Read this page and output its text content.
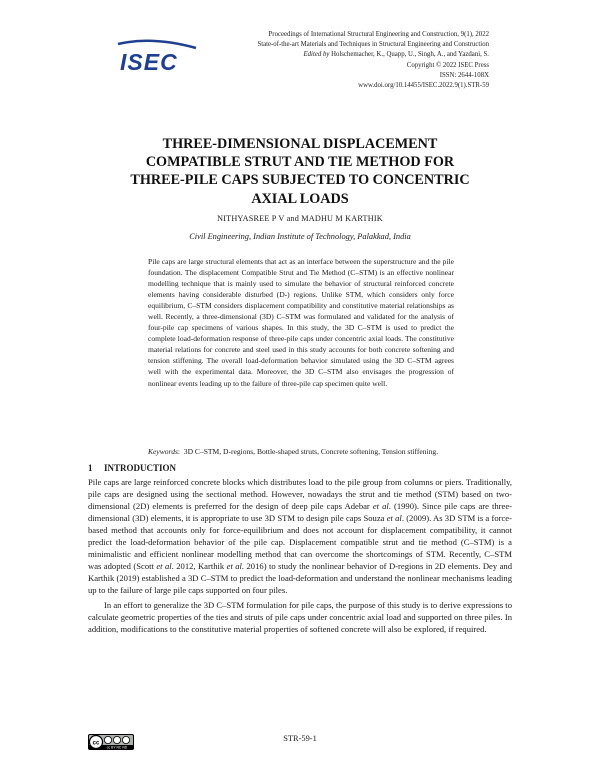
ISEC
Proceedings of International Structural Engineering and Construction, 9(1), 2022
State-of-the-art Materials and Techniques in Structural Engineering and Construction
Edited by Holschemacher, K., Quapp, U., Singh, A., and Yazdani, S.
Copyright © 2022 ISEC Press
ISSN: 2644-108X
www.doi.org/10.14455/ISEC.2022.9(1).STR-59
THREE-DIMENSIONAL DISPLACEMENT
COMPATIBLE STRUT AND TIE METHOD FOR
THREE-PILE CAPS SUBJECTED TO CONCENTRIC
AXIAL LOADS
NITHYASREE P V and MADHU M KARTHIK
Civil Engineering, Indian Institute of Technology, Palakkad, India
Pile caps are large structural elements that act as an interface between the superstructure and the pile foundation. The displacement Compatible Strut and Tie Method (C–STM) is an effective nonlinear modelling technique that is mainly used to simulate the behavior of structural reinforced concrete elements having considerable disturbed (D-) regions. Unlike STM, which considers only force equilibrium, C–STM considers displacement compatibility and constitutive material relationships as well. Recently, a three-dimensional (3D) C–STM was formulated and validated for the analysis of four-pile cap specimens of various shapes. In this study, the 3D C–STM is used to predict the complete load-deformation response of three-pile caps under concentric axial loads. The constitutive material relations for concrete and steel used in this study accounts for both concrete softening and tension stiffening. The overall load-deformation behavior simulated using the 3D C–STM agrees well with the experimental data. Moreover, the 3D C–STM also envisages the progression of nonlinear events leading up to the failure of three-pile cap specimen quite well.
Keywords:  3D C–STM, D-regions, Bottle-shaped struts, Concrete softening, Tension stiffening.
1 INTRODUCTION
Pile caps are large reinforced concrete blocks which distributes load to the pile group from columns or piers. Traditionally, pile caps are designed using the sectional method. However, nowadays the strut and tie method (STM) based on two-dimensional (2D) elements is preferred for the design of deep pile caps Adebar et al. (1990). Since pile caps are three-dimensional (3D) elements, it is appropriate to use 3D STM to design pile caps Souza et al. (2009). As 3D STM is a force-based method that accounts only for force-equilibrium and does not account for displacement compatibility, it cannot predict the load-deformation behavior of the pile cap. Displacement compatible strut and tie method (C–STM) is a minimalistic and efficient nonlinear modelling method that can overcome the shortcomings of STM. Recently, C–STM was adopted (Scott et al. 2012, Karthik et al. 2016) to study the nonlinear behavior of D-regions in 2D elements. Dey and Karthik (2019) established a 3D C–STM to predict the load-deformation and understand the nonlinear mechanisms leading up to the failure of large pile caps supported on four piles.
In an effort to generalize the 3D C–STM formulation for pile caps, the purpose of this study is to derive expressions to calculate geometric properties of the ties and struts of pile caps under concentric axial load and supported on three piles. In addition, modifications to the constitutive material properties of softened concrete will also be explored, if required.
cc
cc BY NC ND
STR-59-1
